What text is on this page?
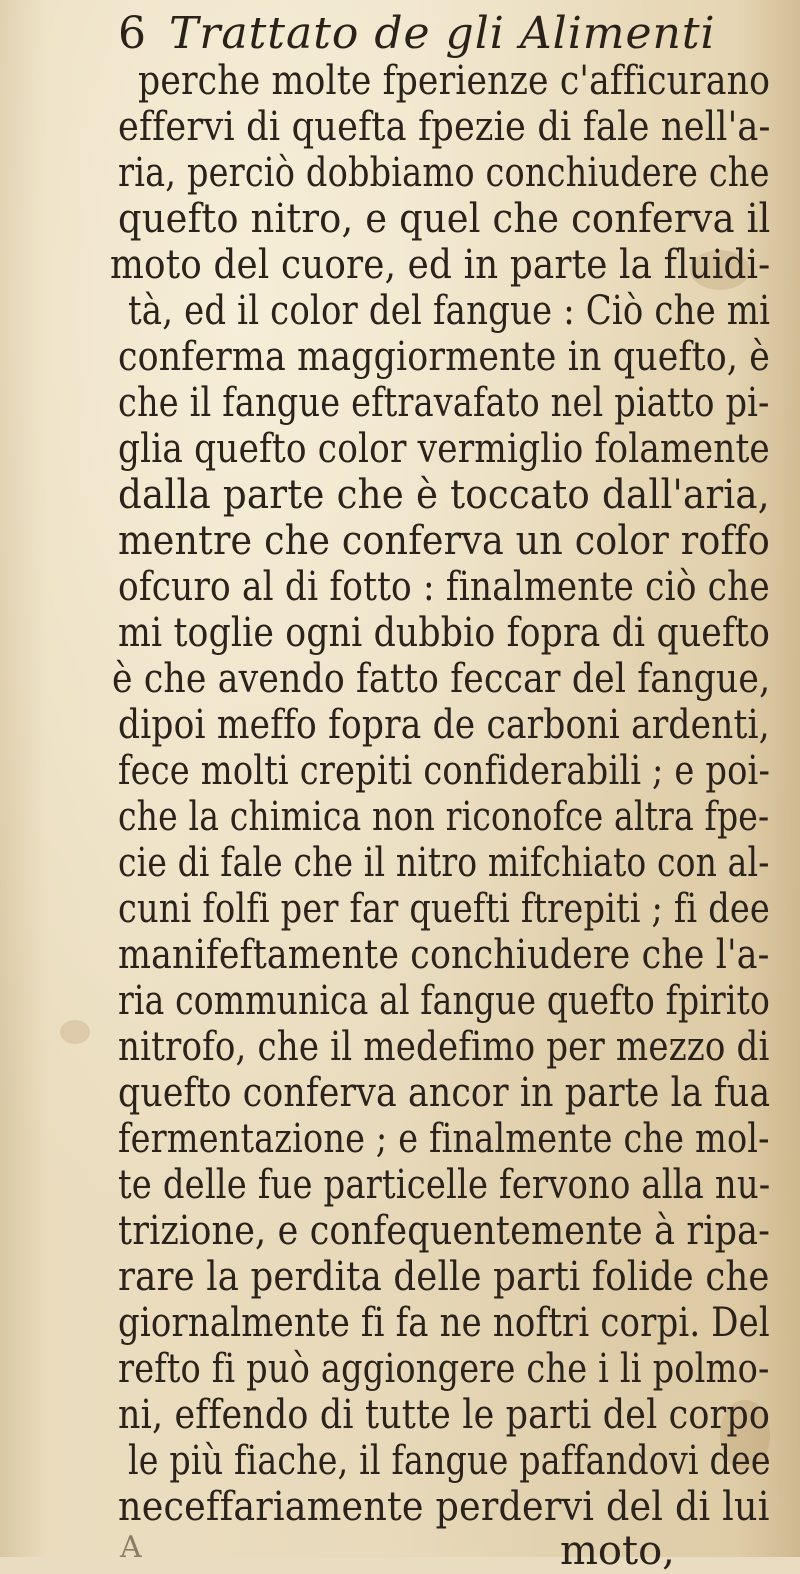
6 Trattato de gli Alimenti
perche molte fperienze c'afficurano
effervi di quefta fpezie di fale nell'a-
ria, perciò dobbiamo conchiudere che
quefto nitro, e quel che conferva il
moto del cuore, ed in parte la fluidi-
tà, ed il color del fangue : Ciò che mi
conferma maggiormente in quefto, è
che il fangue eftravafato nel piatto pi-
glia quefto color vermiglio folamente
dalla parte che è toccato dall'aria,
mentre che conferva un color roffo
ofcuro al di fotto : finalmente ciò che
mi toglie ogni dubbio fopra di quefto
è che avendo fatto feccar del fangue,
dipoi meffo fopra de carboni ardenti,
fece molti crepiti confiderabili ; e poi-
che la chimica non riconofce altra fpe-
cie di fale che il nitro mifchiato con al-
cuni folfi per far quefti ftrepiti ; fi dee
manifeftamente conchiudere che l'a-
ria communica al fangue quefto fpirito
nitrofo, che il medefimo per mezzo di
quefto conferva ancor in parte la fua
fermentazione ; e finalmente che mol-
te delle fue particelle fervono alla nu-
trizione, e confequentemente à ripa-
rare la perdita delle parti folide che
giornalmente fi fa ne noftri corpi. Del
refto fi può aggiongere che i li polmo-
ni, effendo di tutte le parti del corpo
le più fiache, il fangue paffandovi dee
neceffariamente perdervi del di lui
A	moto,
